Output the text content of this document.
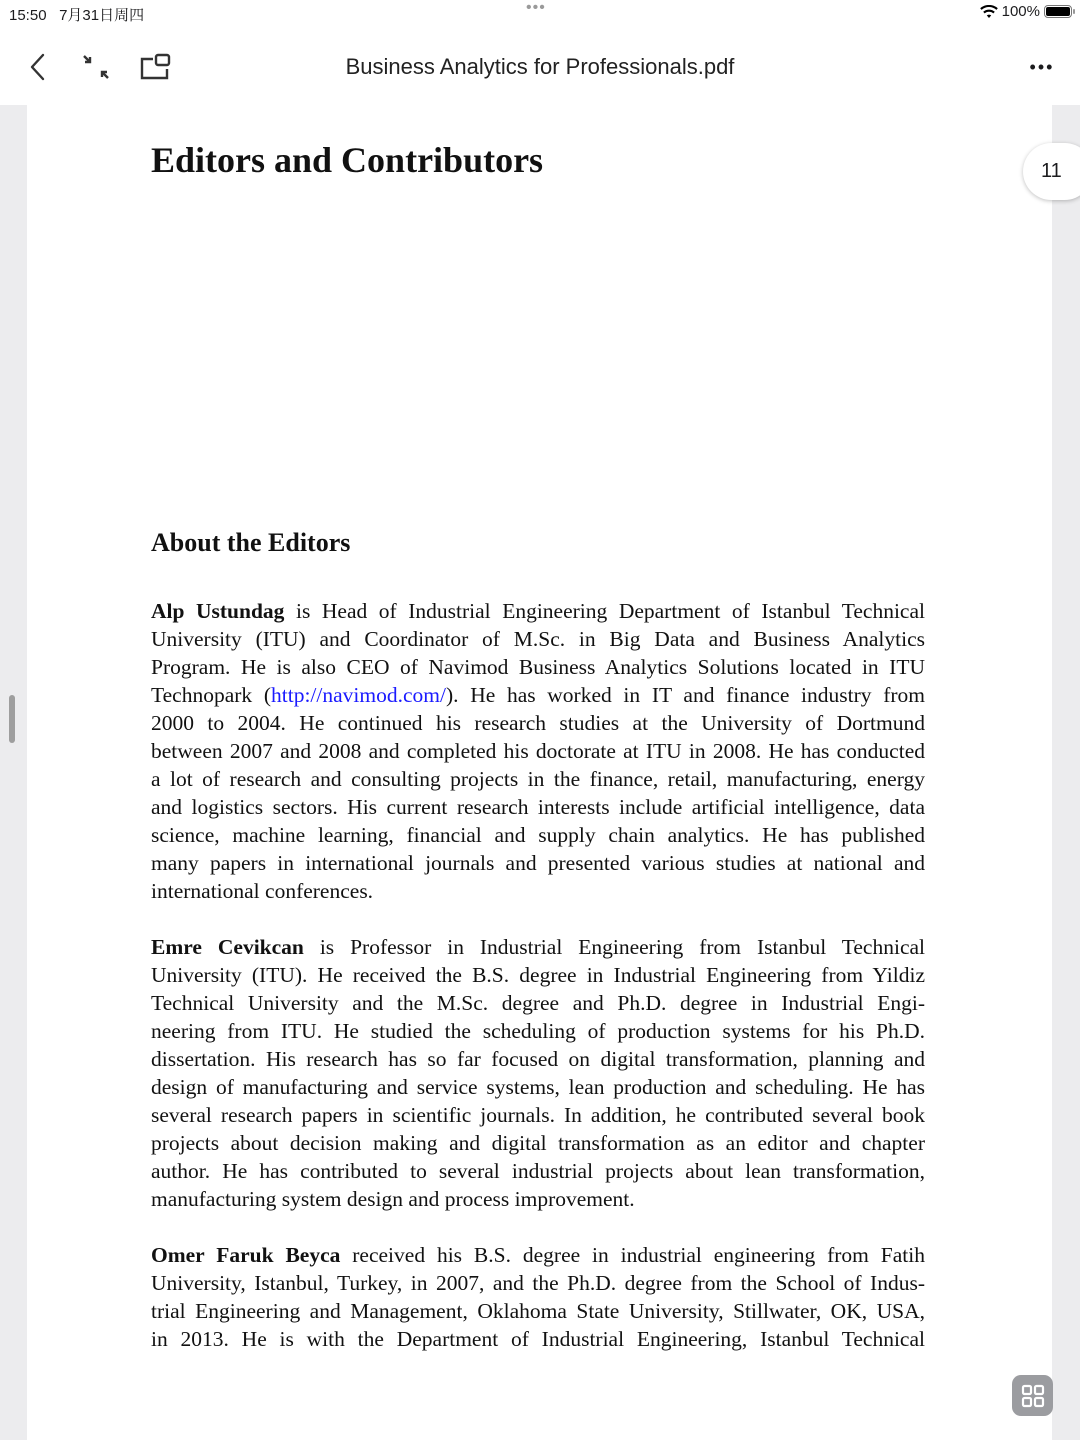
15:50 7月31日周四	•••	100%
Business Analytics for Professionals.pdf	•••
Editors and Contributors
About the Editors
Alp Ustundag is Head of Industrial Engineering Department of Istanbul Technical
University (ITU) and Coordinator of M.Sc. in Big Data and Business Analytics
Program. He is also CEO of Navimod Business Analytics Solutions located in ITU
Technopark (http://navimod.com/). He has worked in IT and finance industry from
2000 to 2004. He continued his research studies at the University of Dortmund
between 2007 and 2008 and completed his doctorate at ITU in 2008. He has conducted
a lot of research and consulting projects in the finance, retail, manufacturing, energy
and logistics sectors. His current research interests include artificial intelligence, data
science, machine learning, financial and supply chain analytics. He has published
many papers in international journals and presented various studies at national and
international conferences.
Emre Cevikcan is Professor in Industrial Engineering from Istanbul Technical
University (ITU). He received the B.S. degree in Industrial Engineering from Yildiz
Technical University and the M.Sc. degree and Ph.D. degree in Industrial Engi-
neering from ITU. He studied the scheduling of production systems for his Ph.D.
dissertation. His research has so far focused on digital transformation, planning and
design of manufacturing and service systems, lean production and scheduling. He has
several research papers in scientific journals. In addition, he contributed several book
projects about decision making and digital transformation as an editor and chapter
author. He has contributed to several industrial projects about lean transformation,
manufacturing system design and process improvement.
Omer Faruk Beyca received his B.S. degree in industrial engineering from Fatih
University, Istanbul, Turkey, in 2007, and the Ph.D. degree from the School of Indus-
trial Engineering and Management, Oklahoma State University, Stillwater, OK, USA,
in 2013. He is with the Department of Industrial Engineering, Istanbul Technical
11
